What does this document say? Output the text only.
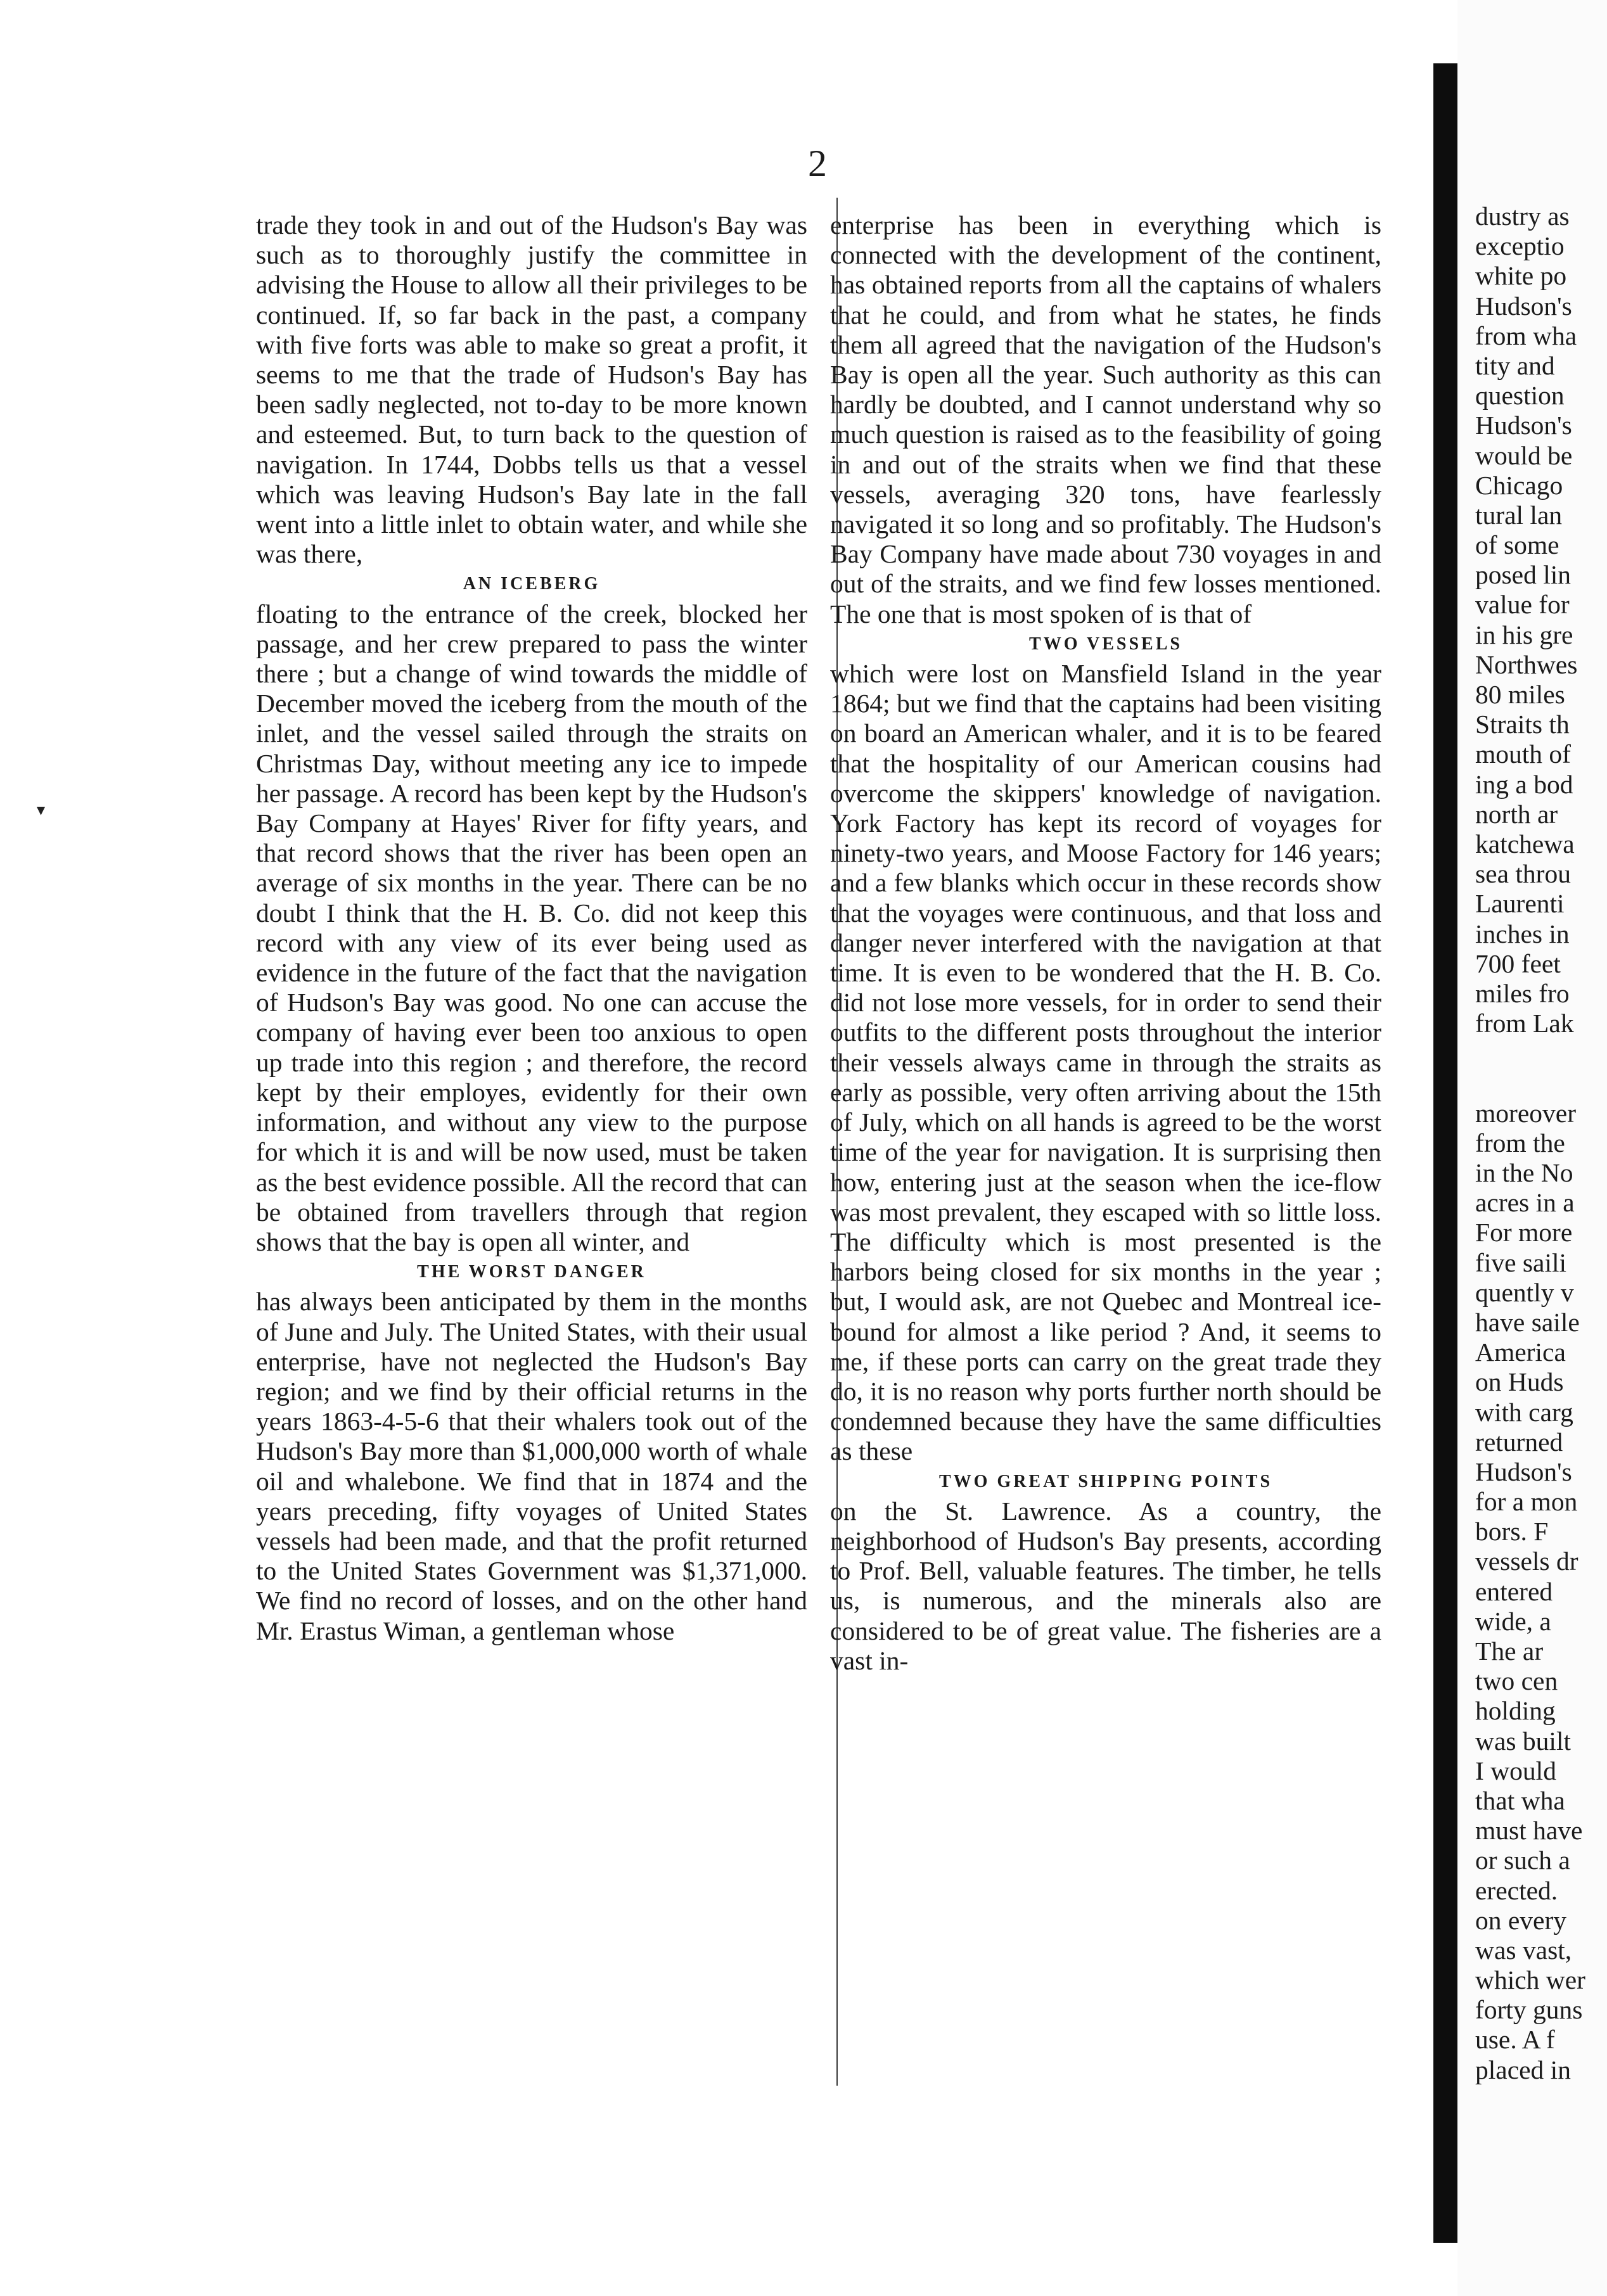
2
▾

trade they took in and out of the Hudson's Bay was such as to thoroughly justify the committee in advising the House to allow all their privileges to be continued. If, so far back in the past, a company with five forts was able to make so great a profit, it seems to me that the trade of Hudson's Bay has been sadly neglected, not to-day to be more known and esteemed. But, to turn back to the question of navigation. In 1744, Dobbs tells us that a vessel which was leaving Hudson's Bay late in the fall went into a little inlet to obtain water, and while she was there,

AN ICEBERG

floating to the entrance of the creek, blocked her passage, and her crew prepared to pass the winter there ; but a change of wind towards the middle of December moved the iceberg from the mouth of the inlet, and the vessel sailed through the straits on Christmas Day, without meeting any ice to impede her passage. A record has been kept by the Hudson's Bay Company at Hayes' River for fifty years, and that record shows that the river has been open an average of six months in the year. There can be no doubt I think that the H. B. Co. did not keep this record with any view of its ever being used as evidence in the future of the fact that the navigation of Hudson's Bay was good. No one can accuse the company of having ever been too anxious to open up trade into this region ; and therefore, the record kept by their employes, evidently for their own information, and without any view to the purpose for which it is and will be now used, must be taken as the best evidence possible. All the record that can be obtained from travellers through that region shows that the bay is open all winter, and

THE WORST DANGER

has always been anticipated by them in the months of June and July. The United States, with their usual enterprise, have not neglected the Hudson's Bay region; and we find by their official returns in the years 1863-4-5-6 that their whalers took out of the Hudson's Bay more than $1,000,000 worth of whale oil and whalebone. We find that in 1874 and the years preceding, fifty voyages of United States vessels had been made, and that the profit returned to the United States Government was $1,371,000. We find no record of losses, and on the other hand Mr. Erastus Wiman, a gentleman whose

enterprise has been in everything which is connected with the development of the continent, has obtained reports from all the captains of whalers that he could, and from what he states, he finds them all agreed that the navigation of the Hudson's Bay is open all the year. Such authority as this can hardly be doubted, and I cannot understand why so much question is raised as to the feasibility of going in and out of the straits when we find that these vessels, averaging 320 tons, have fearlessly navigated it so long and so profitably. The Hudson's Bay Company have made about 730 voyages in and out of the straits, and we find few losses mentioned. The one that is most spoken of is that of

TWO VESSELS

which were lost on Mansfield Island in the year 1864; but we find that the captains had been visiting on board an American whaler, and it is to be feared that the hospitality of our American cousins had overcome the skippers' knowledge of navigation. York Factory has kept its record of voyages for ninety-two years, and Moose Factory for 146 years; and a few blanks which occur in these records show that the voyages were continuous, and that loss and danger never interfered with the navigation at that time. It is even to be wondered that the H. B. Co. did not lose more vessels, for in order to send their outfits to the different posts throughout the interior their vessels always came in through the straits as early as possible, very often arriving about the 15th of July, which on all hands is agreed to be the worst time of the year for navigation. It is surprising then how, entering just at the season when the ice-flow was most prevalent, they escaped with so little loss. The difficulty which is most presented is the harbors being closed for six months in the year ; but, I would ask, are not Quebec and Montreal ice-bound for almost a like period ? And, it seems to me, if these ports can carry on the great trade they do, it is no reason why ports further north should be condemned because they have the same difficulties as these

TWO GREAT SHIPPING POINTS

on the St. Lawrence. As a country, the neighborhood of Hudson's Bay presents, according to Prof. Bell, valuable features. The timber, he tells us, is numerous, and the minerals also are considered to be of great value. The fisheries are a vast in-

dustry as
exceptio
white po
Hudson's
from wha
tity and
question
Hudson's
would be
Chicago
tural lan
of some
posed lin
value for
in his gre
Northwes
80 miles
Straits th
mouth of
ing a bod
north ar
katchewa
sea throu
Laurenti
inches in
700 feet
miles fro
from Lak
moreover
from the
in the No
acres in a
For more
five saili
quently v
have saile
America
on Huds
with carg
returned
Hudson's
for a mon
bors. F
vessels dr
entered
wide, a
The ar
two cen
holding
was built
I would
that wha
must have
or such a
erected.
on every
was vast,
which wer
forty guns
use. A f
placed in
